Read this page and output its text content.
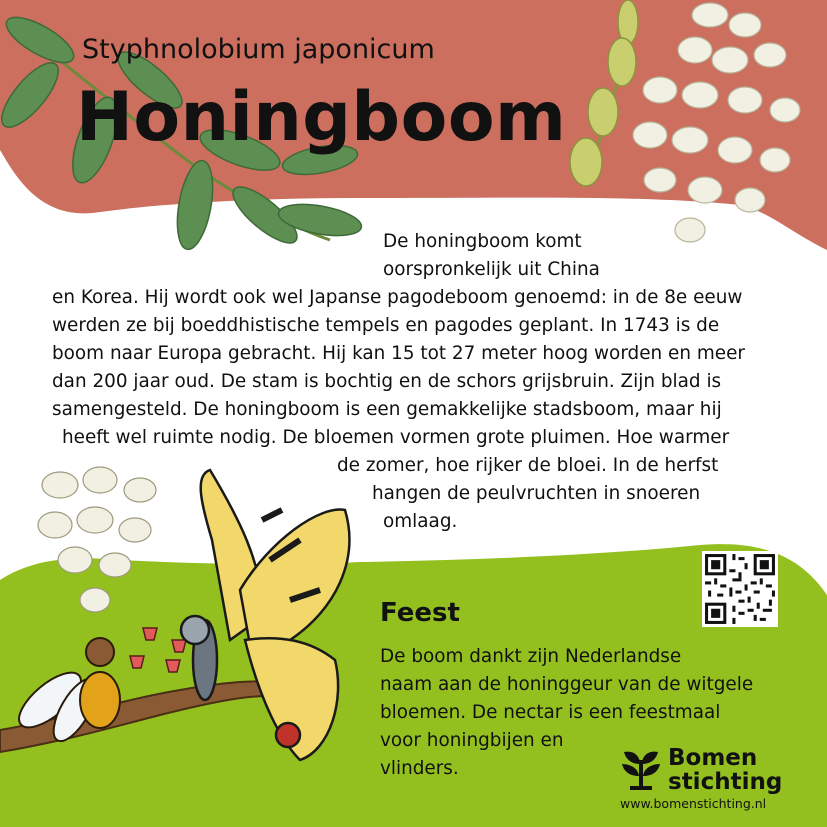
Styphnolobium japonicum
Honingboom
De honingboom komt
oorspronkelijk uit China
en Korea. Hij wordt ook wel Japanse pagodeboom genoemd: in de 8e eeuw
werden ze bij boeddhistische tempels en pagodes geplant. In 1743 is de
boom naar Europa gebracht. Hij kan 15 tot 27 meter hoog worden en meer
dan 200 jaar oud. De stam is bochtig en de schors grijsbruin. Zijn blad is
samengesteld. De honingboom is een gemakkelijke stadsboom, maar hij
heeft wel ruimte nodig. De bloemen vormen grote pluimen. Hoe warmer
de zomer, hoe rijker de bloei. In de herfst
hangen de peulvruchten in snoeren
omlaag.
Feest
De boom dankt zijn Nederlandse
naam aan de honinggeur van de witgele
bloemen. De nectar is een feestmaal
voor honingbijen en
vlinders.	Bomen
stichting
www.bomenstichting.nl
